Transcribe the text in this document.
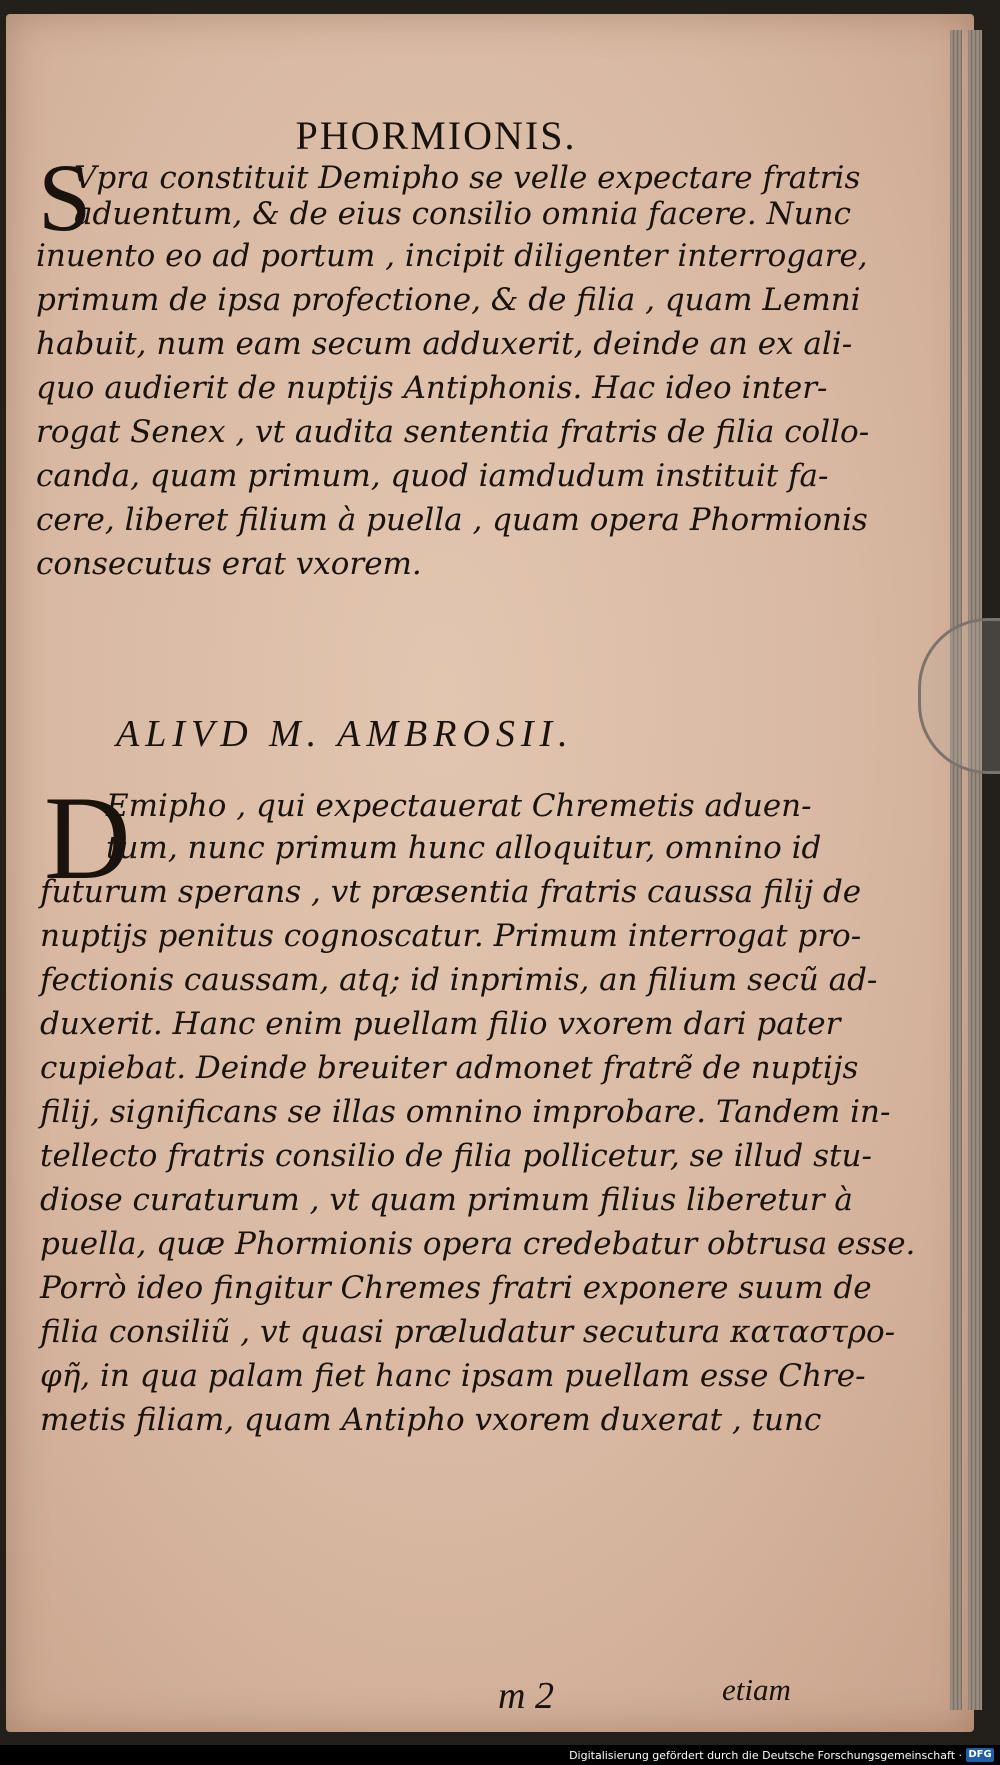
PHORMIONIS.
S
Vpra constituit Demipho se velle expectare fratris
aduentum, & de eius consilio omnia facere. Nunc
inuento eo ad portum , incipit diligenter interrogare,
primum de ipsa profectione, & de filia , quam Lemni
habuit, num eam secum adduxerit, deinde an ex ali-
quo audierit de nuptijs Antiphonis. Hac ideo inter-
rogat Senex , vt audita sententia fratris de filia collo-
canda, quam primum, quod iamdudum instituit fa-
cere, liberet filium à puella , quam opera Phormionis
consecutus erat vxorem.
ALIVD M. AMBROSII.
D
Emipho , qui expectauerat Chremetis aduen-
tum, nunc primum hunc alloquitur, omnino id
futurum sperans , vt præsentia fratris caussa filij de
nuptijs penitus cognoscatur. Primum interrogat pro-
fectionis caussam, atq; id inprimis, an filium secũ ad-
duxerit. Hanc enim puellam filio vxorem dari pater
cupiebat. Deinde breuiter admonet fratrẽ de nuptijs
filij, significans se illas omnino improbare. Tandem in-
tellecto fratris consilio de filia pollicetur, se illud stu-
diose curaturum , vt quam primum filius liberetur à
puella, quæ Phormionis opera credebatur obtrusa esse.
Porrò ideo fingitur Chremes fratri exponere suum de
filia consiliũ , vt quasi præludatur secutura καταστρο-
φῆ, in qua palam fiet hanc ipsam puellam esse Chre-
metis filiam, quam Antipho vxorem duxerat , tunc
m 2	etiam
Digitalisierung gefördert durch die Deutsche Forschungsgemeinschaft · DFG
